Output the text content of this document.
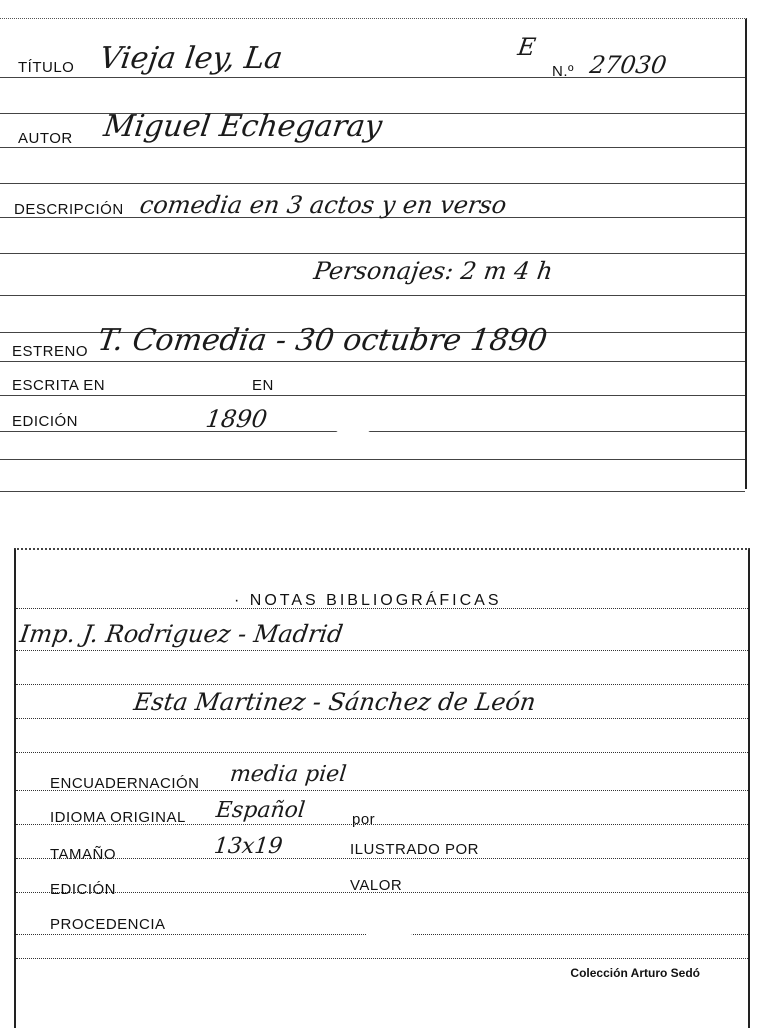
TÍTULO Vieja ley, La	E
N.º 27030
AUTOR Miguel Echegaray
DESCRIPCIÓN comedia en 3 actos y en verso
Personajes: 2 m 4 h
ESTRENO T. Comedia - 30 octubre 1890
ESCRITA EN	EN
EDICIÓN	1890
· NOTAS BIBLIOGRÁFICAS
Imp. J. Rodriguez - Madrid
Esta Martinez - Sánchez de León
ENCUADERNACIÓN media piel
IDIOMA ORIGINAL Español	por
TAMAÑO	13x19	ILUSTRADO POR
EDICIÓN	VALOR
PROCEDENCIA
Colección Arturo Sedó
